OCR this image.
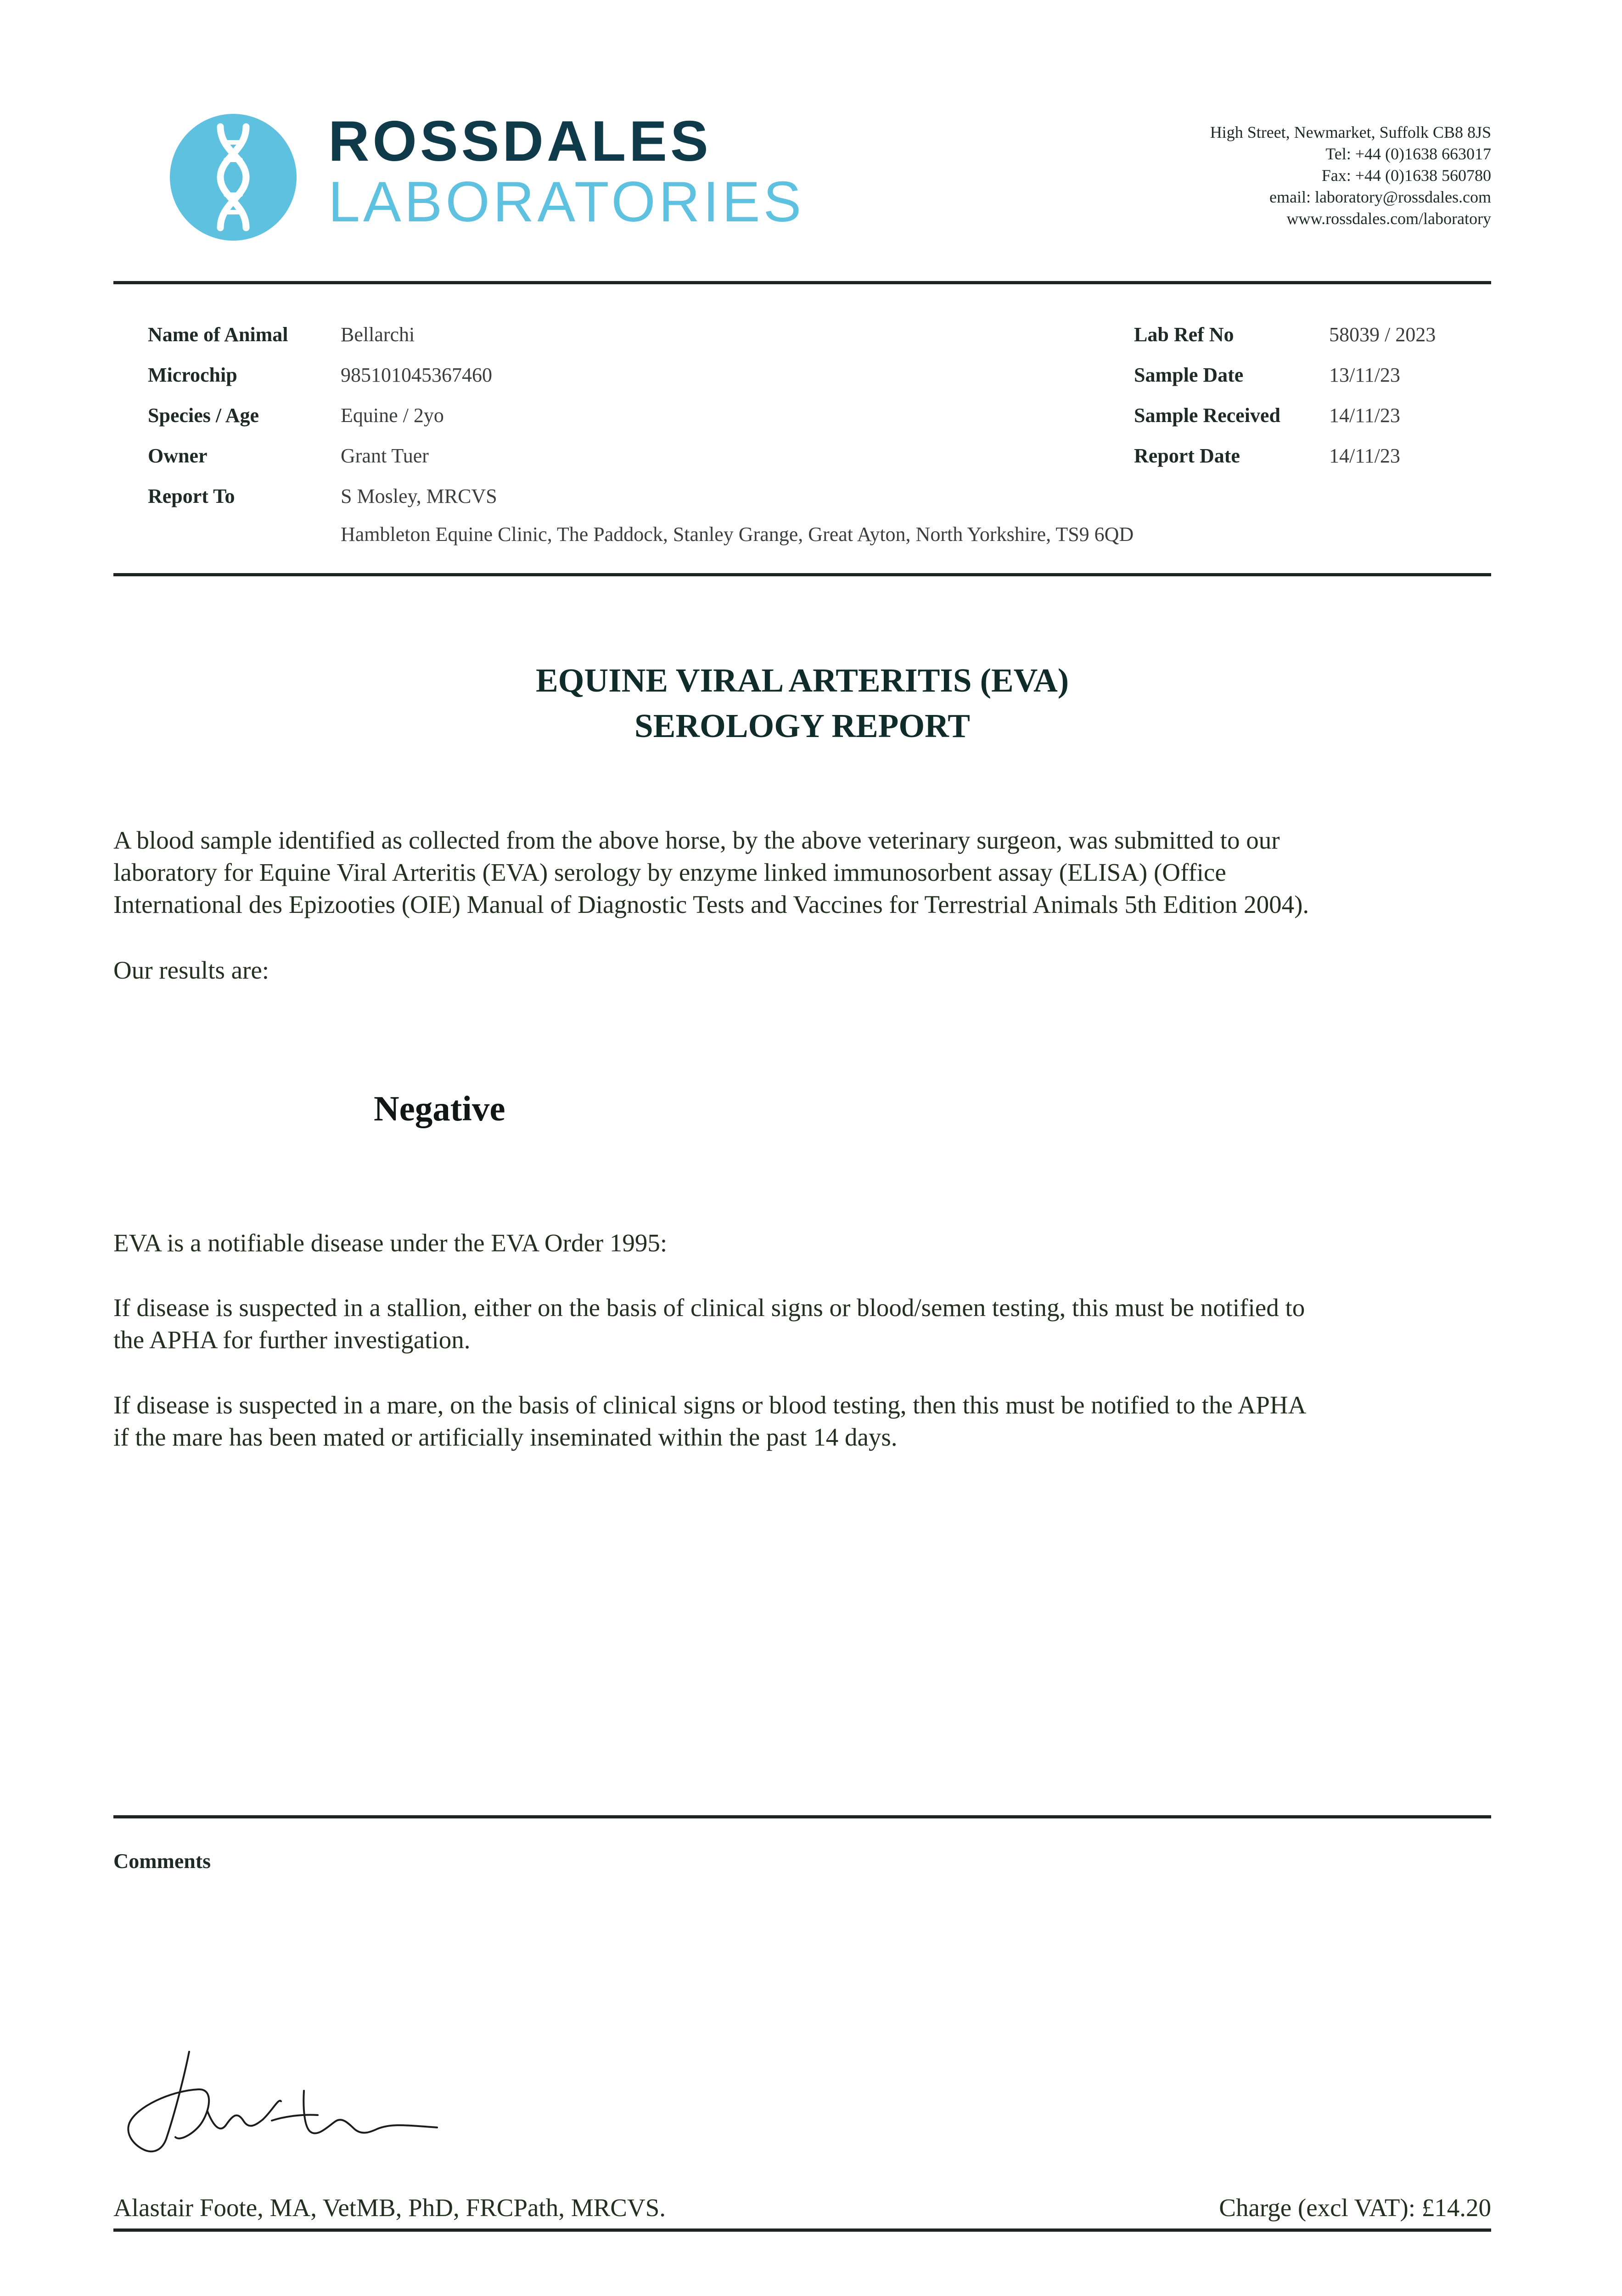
ROSSDALES
LABORATORIES
High Street, Newmarket, Suffolk CB8 8JS
Tel: +44 (0)1638 663017
Fax: +44 (0)1638 560780
email: laboratory@rossdales.com
www.rossdales.com/laboratory
Name of Animal	Bellarchi
Microchip	985101045367460
Species / Age	Equine / 2yo
Owner	Grant Tuer
Report To	S Mosley, MRCVS
Hambleton Equine Clinic, The Paddock, Stanley Grange, Great Ayton, North Yorkshire, TS9 6QD
Lab Ref No	58039 / 2023
Sample Date	13/11/23
Sample Received 14/11/23
Report Date	14/11/23
EQUINE VIRAL ARTERITIS (EVA)
SEROLOGY REPORT
A blood sample identified as collected from the above horse, by the above veterinary surgeon, was submitted to our
laboratory for Equine Viral Arteritis (EVA) serology by enzyme linked immunosorbent assay (ELISA) (Office
International des Epizooties (OIE) Manual of Diagnostic Tests and Vaccines for Terrestrial Animals 5th Edition 2004).
Our results are:
Negative
EVA is a notifiable disease under the EVA Order 1995:
If disease is suspected in a stallion, either on the basis of clinical signs or blood/semen testing, this must be notified to
the APHA for further investigation.
If disease is suspected in a mare, on the basis of clinical signs or blood testing, then this must be notified to the APHA
if the mare has been mated or artificially inseminated within the past 14 days.
Comments
Alastair Foote, MA, VetMB, PhD, FRCPath, MRCVS.	Charge (excl VAT): £14.20
